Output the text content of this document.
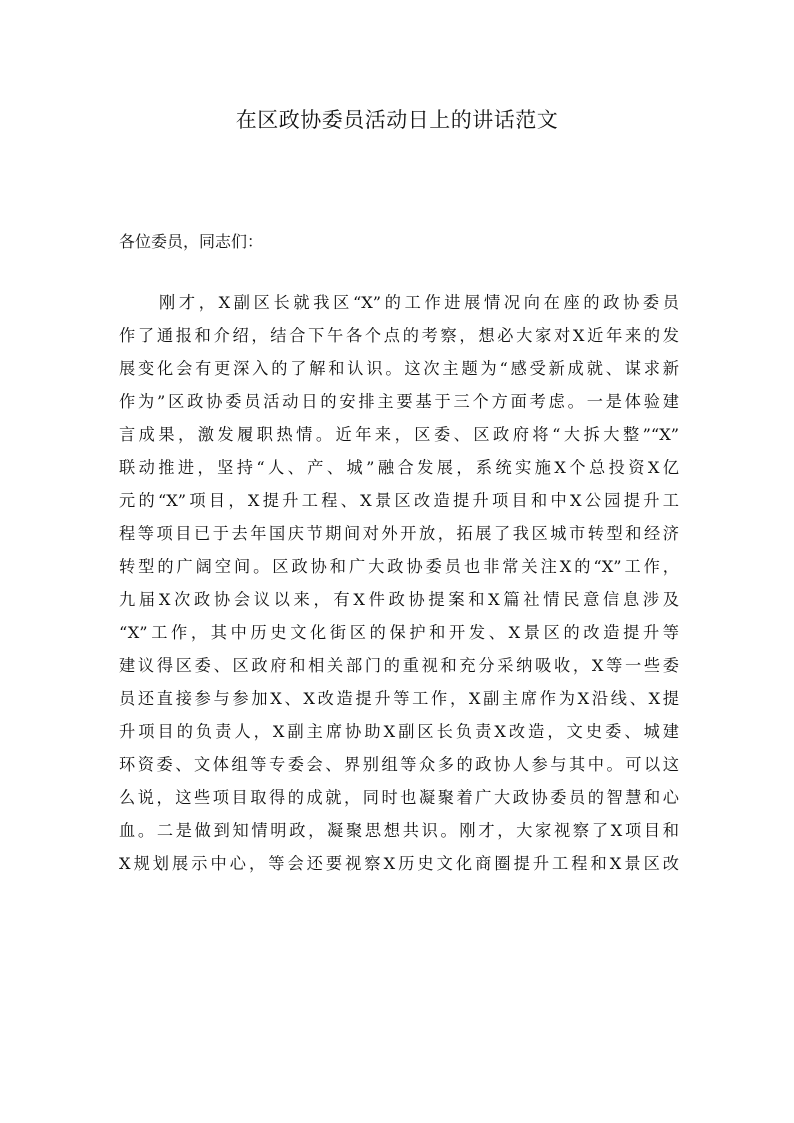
在区政协委员活动日上的讲话范文
各位委员，同志们：
刚才，X副区长就我区“X”的工作进展情况向在座的政协委员
作了通报和介绍，结合下午各个点的考察，想必大家对X近年来的发
展变化会有更深入的了解和认识。这次主题为“感受新成就、谋求新
作为”区政协委员活动日的安排主要基于三个方面考虑。一是体验建
言成果，激发履职热情。近年来，区委、区政府将“大拆大整”“X”
联动推进，坚持“人、产、城”融合发展，系统实施X个总投资X亿
元的“X”项目，X提升工程、X景区改造提升项目和中X公园提升工
程等项目已于去年国庆节期间对外开放，拓展了我区城市转型和经济
转型的广阔空间。区政协和广大政协委员也非常关注X的“X”工作，
九届X次政协会议以来，有X件政协提案和X篇社情民意信息涉及
“X”工作，其中历史文化街区的保护和开发、X景区的改造提升等
建议得区委、区政府和相关部门的重视和充分采纳吸收，X等一些委
员还直接参与参加X、X改造提升等工作，X副主席作为X沿线、X提
升项目的负责人，X副主席协助X副区长负责X改造，文史委、城建
环资委、文体组等专委会、界别组等众多的政协人参与其中。可以这
么说，这些项目取得的成就，同时也凝聚着广大政协委员的智慧和心
血。二是做到知情明政，凝聚思想共识。刚才，大家视察了X项目和
X规划展示中心，等会还要视察X历史文化商圈提升工程和X景区改
